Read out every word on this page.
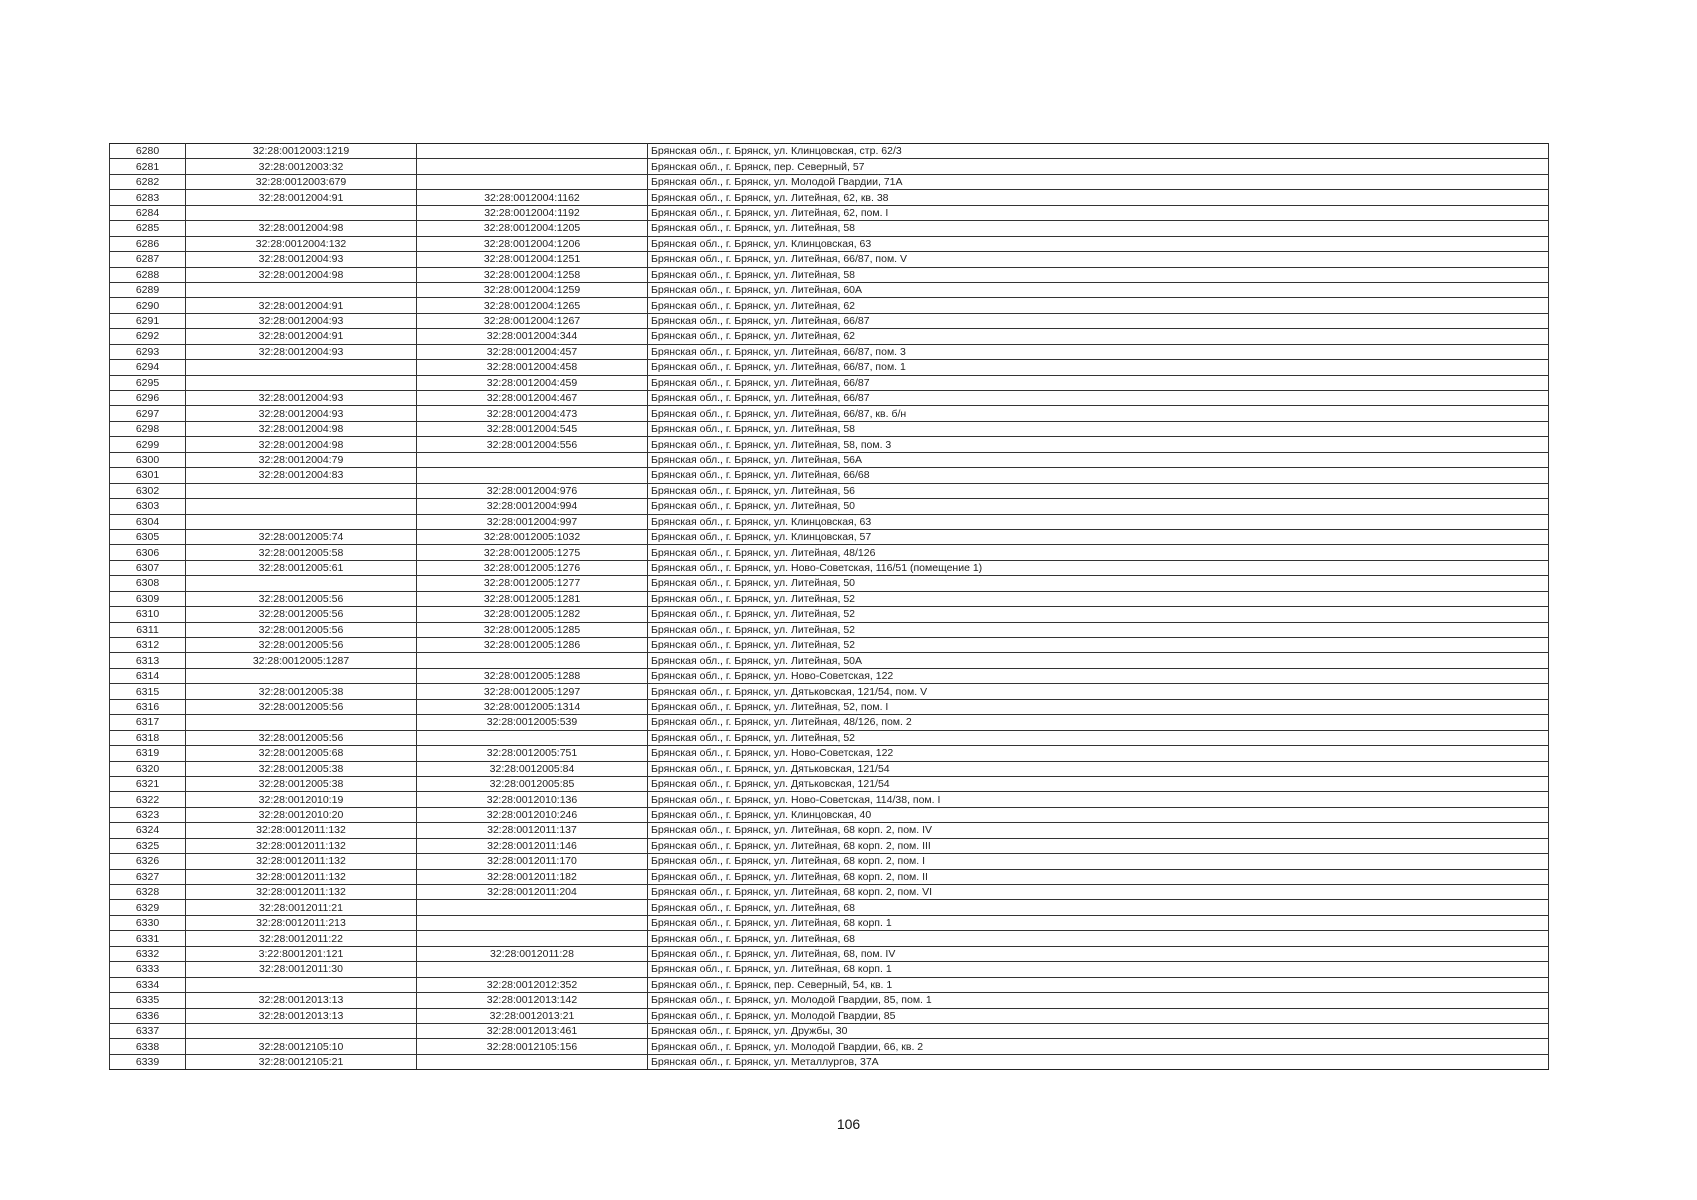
6280	32:28:0012003:1219		Брянская обл., г. Брянск, ул. Клинцовская, стр. 62/3
6281	32:28:0012003:32		Брянская обл., г. Брянск, пер. Северный, 57
6282	32:28:0012003:679		Брянская обл., г. Брянск, ул. Молодой Гвардии, 71А
6283	32:28:0012004:91	32:28:0012004:1162	Брянская обл., г. Брянск, ул. Литейная, 62, кв. 38
6284		32:28:0012004:1192	Брянская обл., г. Брянск, ул. Литейная, 62, пом. I
6285	32:28:0012004:98	32:28:0012004:1205	Брянская обл., г. Брянск, ул. Литейная, 58
6286	32:28:0012004:132	32:28:0012004:1206	Брянская обл., г. Брянск, ул. Клинцовская, 63
6287	32:28:0012004:93	32:28:0012004:1251	Брянская обл., г. Брянск, ул. Литейная, 66/87, пом. V
6288	32:28:0012004:98	32:28:0012004:1258	Брянская обл., г. Брянск, ул. Литейная, 58
6289		32:28:0012004:1259	Брянская обл., г. Брянск, ул. Литейная, 60А
6290	32:28:0012004:91	32:28:0012004:1265	Брянская обл., г. Брянск, ул. Литейная, 62
6291	32:28:0012004:93	32:28:0012004:1267	Брянская обл., г. Брянск, ул. Литейная, 66/87
6292	32:28:0012004:91	32:28:0012004:344	Брянская обл., г. Брянск, ул. Литейная, 62
6293	32:28:0012004:93	32:28:0012004:457	Брянская обл., г. Брянск, ул. Литейная, 66/87, пом. 3
6294		32:28:0012004:458	Брянская обл., г. Брянск, ул. Литейная, 66/87, пом. 1
6295		32:28:0012004:459	Брянская обл., г. Брянск, ул. Литейная, 66/87
6296	32:28:0012004:93	32:28:0012004:467	Брянская обл., г. Брянск, ул. Литейная, 66/87
6297	32:28:0012004:93	32:28:0012004:473	Брянская обл., г. Брянск, ул. Литейная, 66/87, кв. б/н
6298	32:28:0012004:98	32:28:0012004:545	Брянская обл., г. Брянск, ул. Литейная, 58
6299	32:28:0012004:98	32:28:0012004:556	Брянская обл., г. Брянск, ул. Литейная, 58, пом. 3
6300	32:28:0012004:79		Брянская обл., г. Брянск, ул. Литейная, 56А
6301	32:28:0012004:83		Брянская обл., г. Брянск, ул. Литейная, 66/68
6302		32:28:0012004:976	Брянская обл., г. Брянск, ул. Литейная, 56
6303		32:28:0012004:994	Брянская обл., г. Брянск, ул. Литейная, 50
6304		32:28:0012004:997	Брянская обл., г. Брянск, ул. Клинцовская, 63
6305	32:28:0012005:74	32:28:0012005:1032	Брянская обл., г. Брянск, ул. Клинцовская, 57
6306	32:28:0012005:58	32:28:0012005:1275	Брянская обл., г. Брянск, ул. Литейная, 48/126
6307	32:28:0012005:61	32:28:0012005:1276	Брянская обл., г. Брянск, ул. Ново-Советская, 116/51 (помещение 1)
6308		32:28:0012005:1277	Брянская обл., г. Брянск, ул. Литейная, 50
6309	32:28:0012005:56	32:28:0012005:1281	Брянская обл., г. Брянск, ул. Литейная, 52
6310	32:28:0012005:56	32:28:0012005:1282	Брянская обл., г. Брянск, ул. Литейная, 52
6311	32:28:0012005:56	32:28:0012005:1285	Брянская обл., г. Брянск, ул. Литейная, 52
6312	32:28:0012005:56	32:28:0012005:1286	Брянская обл., г. Брянск, ул. Литейная, 52
6313	32:28:0012005:1287		Брянская обл., г. Брянск, ул. Литейная, 50А
6314		32:28:0012005:1288	Брянская обл., г. Брянск, ул. Ново-Советская, 122
6315	32:28:0012005:38	32:28:0012005:1297	Брянская обл., г. Брянск, ул. Дятьковская, 121/54, пом. V
6316	32:28:0012005:56	32:28:0012005:1314	Брянская обл., г. Брянск, ул. Литейная, 52, пом. I
6317		32:28:0012005:539	Брянская обл., г. Брянск, ул. Литейная, 48/126, пом. 2
6318	32:28:0012005:56		Брянская обл., г. Брянск, ул. Литейная, 52
6319	32:28:0012005:68	32:28:0012005:751	Брянская обл., г. Брянск, ул. Ново-Советская, 122
6320	32:28:0012005:38	32:28:0012005:84	Брянская обл., г. Брянск, ул. Дятьковская, 121/54
6321	32:28:0012005:38	32:28:0012005:85	Брянская обл., г. Брянск, ул. Дятьковская, 121/54
6322	32:28:0012010:19	32:28:0012010:136	Брянская обл., г. Брянск, ул. Ново-Советская, 114/38, пом. I
6323	32:28:0012010:20	32:28:0012010:246	Брянская обл., г. Брянск, ул. Клинцовская, 40
6324	32:28:0012011:132	32:28:0012011:137	Брянская обл., г. Брянск, ул. Литейная, 68 корп. 2, пом. IV
6325	32:28:0012011:132	32:28:0012011:146	Брянская обл., г. Брянск, ул. Литейная, 68 корп. 2, пом. III
6326	32:28:0012011:132	32:28:0012011:170	Брянская обл., г. Брянск, ул. Литейная, 68 корп. 2, пом. I
6327	32:28:0012011:132	32:28:0012011:182	Брянская обл., г. Брянск, ул. Литейная, 68 корп. 2, пом. II
6328	32:28:0012011:132	32:28:0012011:204	Брянская обл., г. Брянск, ул. Литейная, 68 корп. 2, пом. VI
6329	32:28:0012011:21		Брянская обл., г. Брянск, ул. Литейная, 68
6330	32:28:0012011:213		Брянская обл., г. Брянск, ул. Литейная, 68 корп. 1
6331	32:28:0012011:22		Брянская обл., г. Брянск, ул. Литейная, 68
6332	3:22:8001201:121	32:28:0012011:28	Брянская обл., г. Брянск, ул. Литейная, 68, пом. IV
6333	32:28:0012011:30		Брянская обл., г. Брянск, ул. Литейная, 68 корп. 1
6334		32:28:0012012:352	Брянская обл., г. Брянск, пер. Северный, 54, кв. 1
6335	32:28:0012013:13	32:28:0012013:142	Брянская обл., г. Брянск, ул. Молодой Гвардии, 85, пом. 1
6336	32:28:0012013:13	32:28:0012013:21	Брянская обл., г. Брянск, ул. Молодой Гвардии, 85
6337		32:28:0012013:461	Брянская обл., г. Брянск, ул. Дружбы, 30
6338	32:28:0012105:10	32:28:0012105:156	Брянская обл., г. Брянск, ул. Молодой Гвардии, 66, кв. 2
6339	32:28:0012105:21		Брянская обл., г. Брянск, ул. Металлургов, 37А
106
